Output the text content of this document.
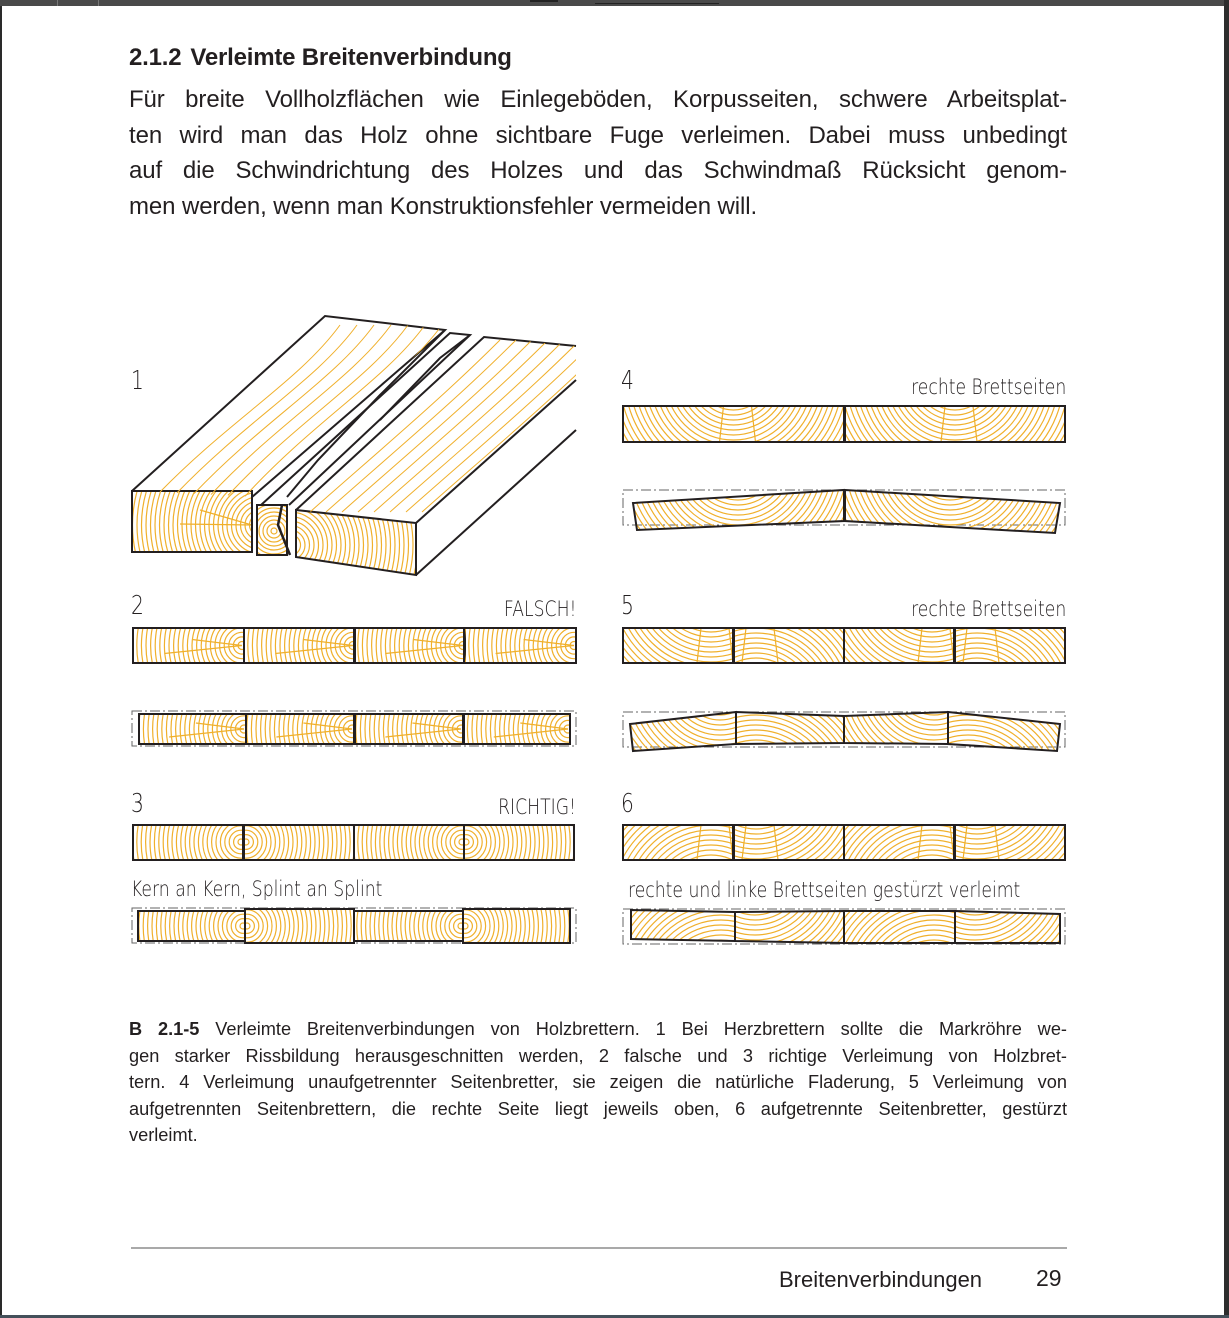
2.1.2 Verleimte Breitenverbindung
Für breite Vollholzflächen wie Einlegeböden, Korpusseiten, schwere Arbeitsplat-
ten wird man das Holz ohne sichtbare Fuge verleimen. Dabei muss unbedingt
auf die Schwindrichtung des Holzes und das Schwindmaß Rücksicht genom-
men werden, wenn man Konstruktionsfehler vermeiden will.
1
2
3
4
5
6
FALSCH!
RICHTIG!
Kern an Kern, Splint an Splint
rechte Brettseiten
rechte Brettseiten
rechte und linke Brettseiten gestürzt verleimt
B 2.1-5 Verleimte Breitenverbindungen von Holzbrettern. 1 Bei Herzbrettern sollte die Markröhre we-
gen starker Rissbildung herausgeschnitten werden, 2 falsche und 3 richtige Verleimung von Holzbret-
tern. 4 Verleimung unaufgetrennter Seitenbretter, sie zeigen die natürliche Fladerung, 5 Verleimung von
aufgetrennten Seitenbrettern, die rechte Seite liegt jeweils oben, 6 aufgetrennte Seitenbretter, gestürzt
verleimt.
Breitenverbindungen 29
